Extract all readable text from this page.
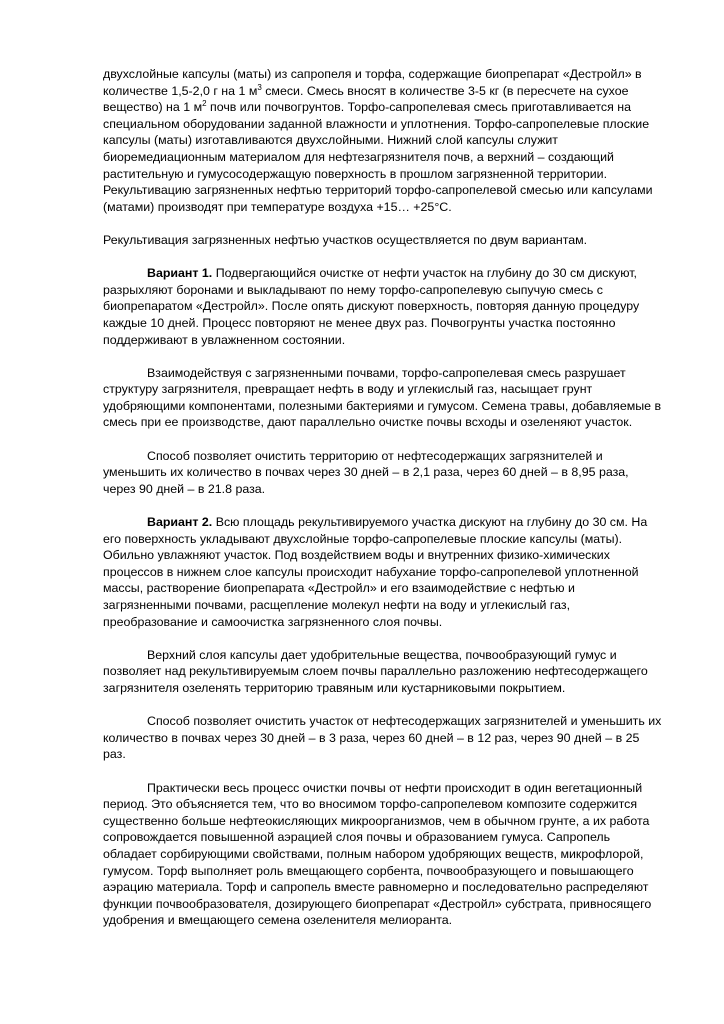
двухслойные капсулы (маты) из сапропеля и торфа, содержащие биопрепарат «Дестройл» в
количестве 1,5-2,0 г на 1 $м^3$ смеси. Смесь вносят в количестве 3-5 кг (в пересчете на сухое
вещество) на 1 $м^2$ почв или почвогрунтов. Торфо-сапропелевая смесь приготавливается на
специальном оборудовании заданной влажности и уплотнения. Торфо-сапропелевые плоские
капсулы (маты) изготавливаются двухслойными. Нижний слой капсулы служит
биоремедиационным материалом для нефтезагрязнителя почв, а верхний – создающий
растительную и гумусосодержащую поверхность в прошлом загрязненной территории.
Рекультивацию загрязненных нефтью территорий торфо-сапропелевой смесью или капсулами
(матами) производят при температуре воздуха +15… +25°С.
Рекультивация загрязненных нефтью участков осуществляется по двум вариантам.
Вариант 1. Подвергающийся очистке от нефти участок на глубину до 30 см дискуют,
разрыхляют боронами и выкладывают по нему торфо-сапропелевую сыпучую смесь с
биопрепаратом «Дестройл». После опять дискуют поверхность, повторяя данную процедуру
каждые 10 дней. Процесс повторяют не менее двух раз. Почвогрунты участка постоянно
поддерживают в увлажненном состоянии.
Взаимодействуя с загрязненными почвами, торфо-сапропелевая смесь разрушает
структуру загрязнителя, превращает нефть в воду и углекислый газ, насыщает грунт
удобряющими компонентами, полезными бактериями и гумусом. Семена травы, добавляемые в
смесь при ее производстве, дают параллельно очистке почвы всходы и озеленяют участок.
Способ позволяет очистить территорию от нефтесодержащих загрязнителей и
уменьшить их количество в почвах через 30 дней – в 2,1 раза, через 60 дней – в 8,95 раза,
через 90 дней – в 21.8 раза.
Вариант 2. Всю площадь рекультивируемого участка дискуют на глубину до 30 см. На
его поверхность укладывают двухслойные торфо-сапропелевые плоские капсулы (маты).
Обильно увлажняют участок. Под воздействием воды и внутренних физико-химических
процессов в нижнем слое капсулы происходит набухание торфо-сапропелевой уплотненной
массы, растворение биопрепарата «Дестройл» и его взаимодействие с нефтью и
загрязненными почвами, расщепление молекул нефти на воду и углекислый газ,
преобразование и самоочистка загрязненного слоя почвы.
Верхний слоя капсулы дает удобрительные вещества, почвообразующий гумус и
позволяет над рекультивируемым слоем почвы параллельно разложению нефтесодержащего
загрязнителя озеленять территорию травяным или кустарниковыми покрытием.
Способ позволяет очистить участок от нефтесодержащих загрязнителей и уменьшить их
количество в почвах через 30 дней – в 3 раза, через 60 дней – в 12 раз, через 90 дней – в 25
раз.
Практически весь процесс очистки почвы от нефти происходит в один вегетационный
период. Это объясняется тем, что во вносимом торфо-сапропелевом композите содержится
существенно больше нефтеокисляющих микроорганизмов, чем в обычном грунте, а их работа
сопровождается повышенной аэрацией слоя почвы и образованием гумуса. Сапропель
обладает сорбирующими свойствами, полным набором удобряющих веществ, микрофлорой,
гумусом. Торф выполняет роль вмещающего сорбента, почвообразующего и повышающего
аэрацию материала. Торф и сапропель вместе равномерно и последовательно распределяют
функции почвообразователя, дозирующего биопрепарат «Дестройл» субстрата, привносящего
удобрения и вмещающего семена озеленителя мелиоранта.
